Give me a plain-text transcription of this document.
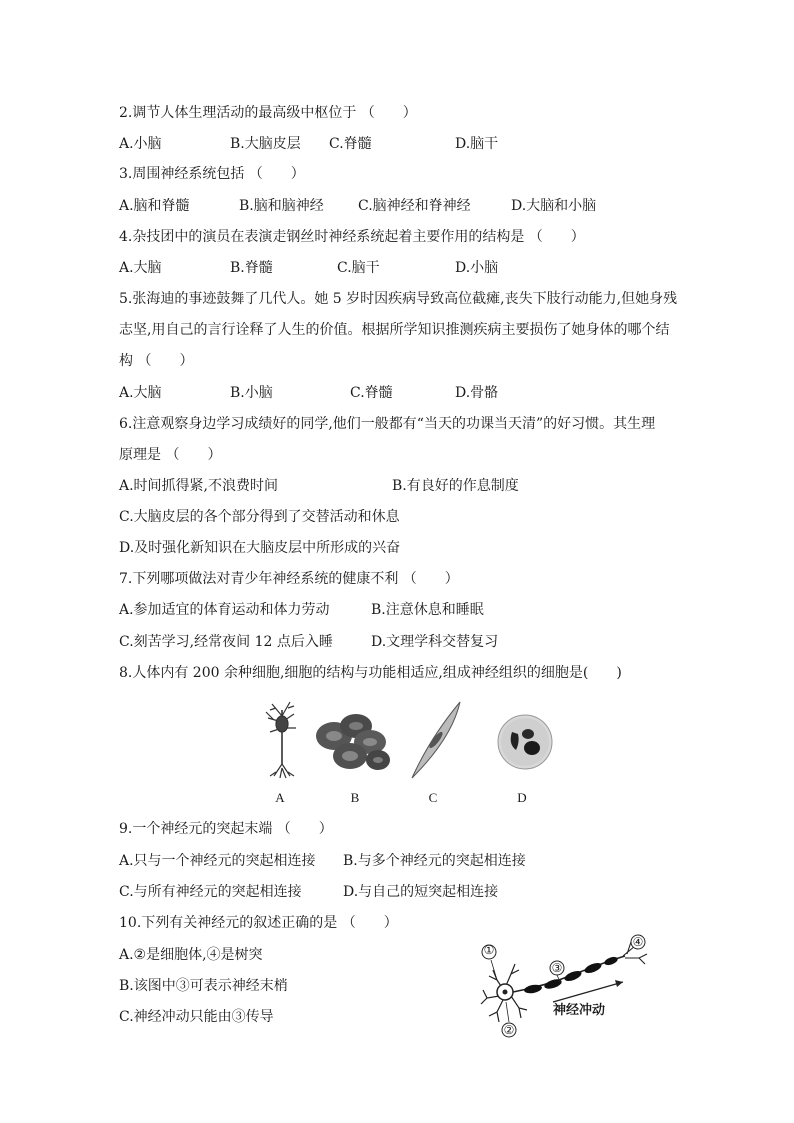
2.调节人体生理活动的最高级中枢位于 （　　）
A.小脑	B.大脑皮层 C.脊髓	D.脑干
3.周围神经系统包括 （　　）
A.脑和脊髓	B.脑和脑神经 C.脑神经和脊神经	D.大脑和小脑
4.杂技团中的演员在表演走钢丝时神经系统起着主要作用的结构是 （　　）
A.大脑	B.脊髓	C.脑干	D.小脑
5.张海迪的事迹鼓舞了几代人。她 5 岁时因疾病导致高位截瘫,丧失下肢行动能力,但她身残
志坚,用自己的言行诠释了人生的价值。根据所学知识推测疾病主要损伤了她身体的哪个结
构 （　　）
A.大脑	B.小脑	C.脊髓	D.骨骼
6.注意观察身边学习成绩好的同学,他们一般都有“当天的功课当天清”的好习惯。其生理
原理是 （　　）
A.时间抓得紧,不浪费时间	B.有良好的作息制度
C.大脑皮层的各个部分得到了交替活动和休息
D.及时强化新知识在大脑皮层中所形成的兴奋
7.下列哪项做法对青少年神经系统的健康不利 （　　）
A.参加适宜的体育运动和体力劳动	B.注意休息和睡眠
C.刻苦学习,经常夜间 12 点后入睡	D.文理学科交替复习
8.人体内有 200 余种细胞,细胞的结构与功能相适应,组成神经组织的细胞是(　　)
A	B	C	D
9.一个神经元的突起末端 （　　）
A.只与一个神经元的突起相连接 B.与多个神经元的突起相连接
C.与所有神经元的突起相连接	D.与自己的短突起相连接
10.下列有关神经元的叙述正确的是 （　　）
A.②是细胞体,④是树突
B.该图中③可表示神经末梢
C.神经冲动只能由③传导
①
②
③
④
神经冲动
